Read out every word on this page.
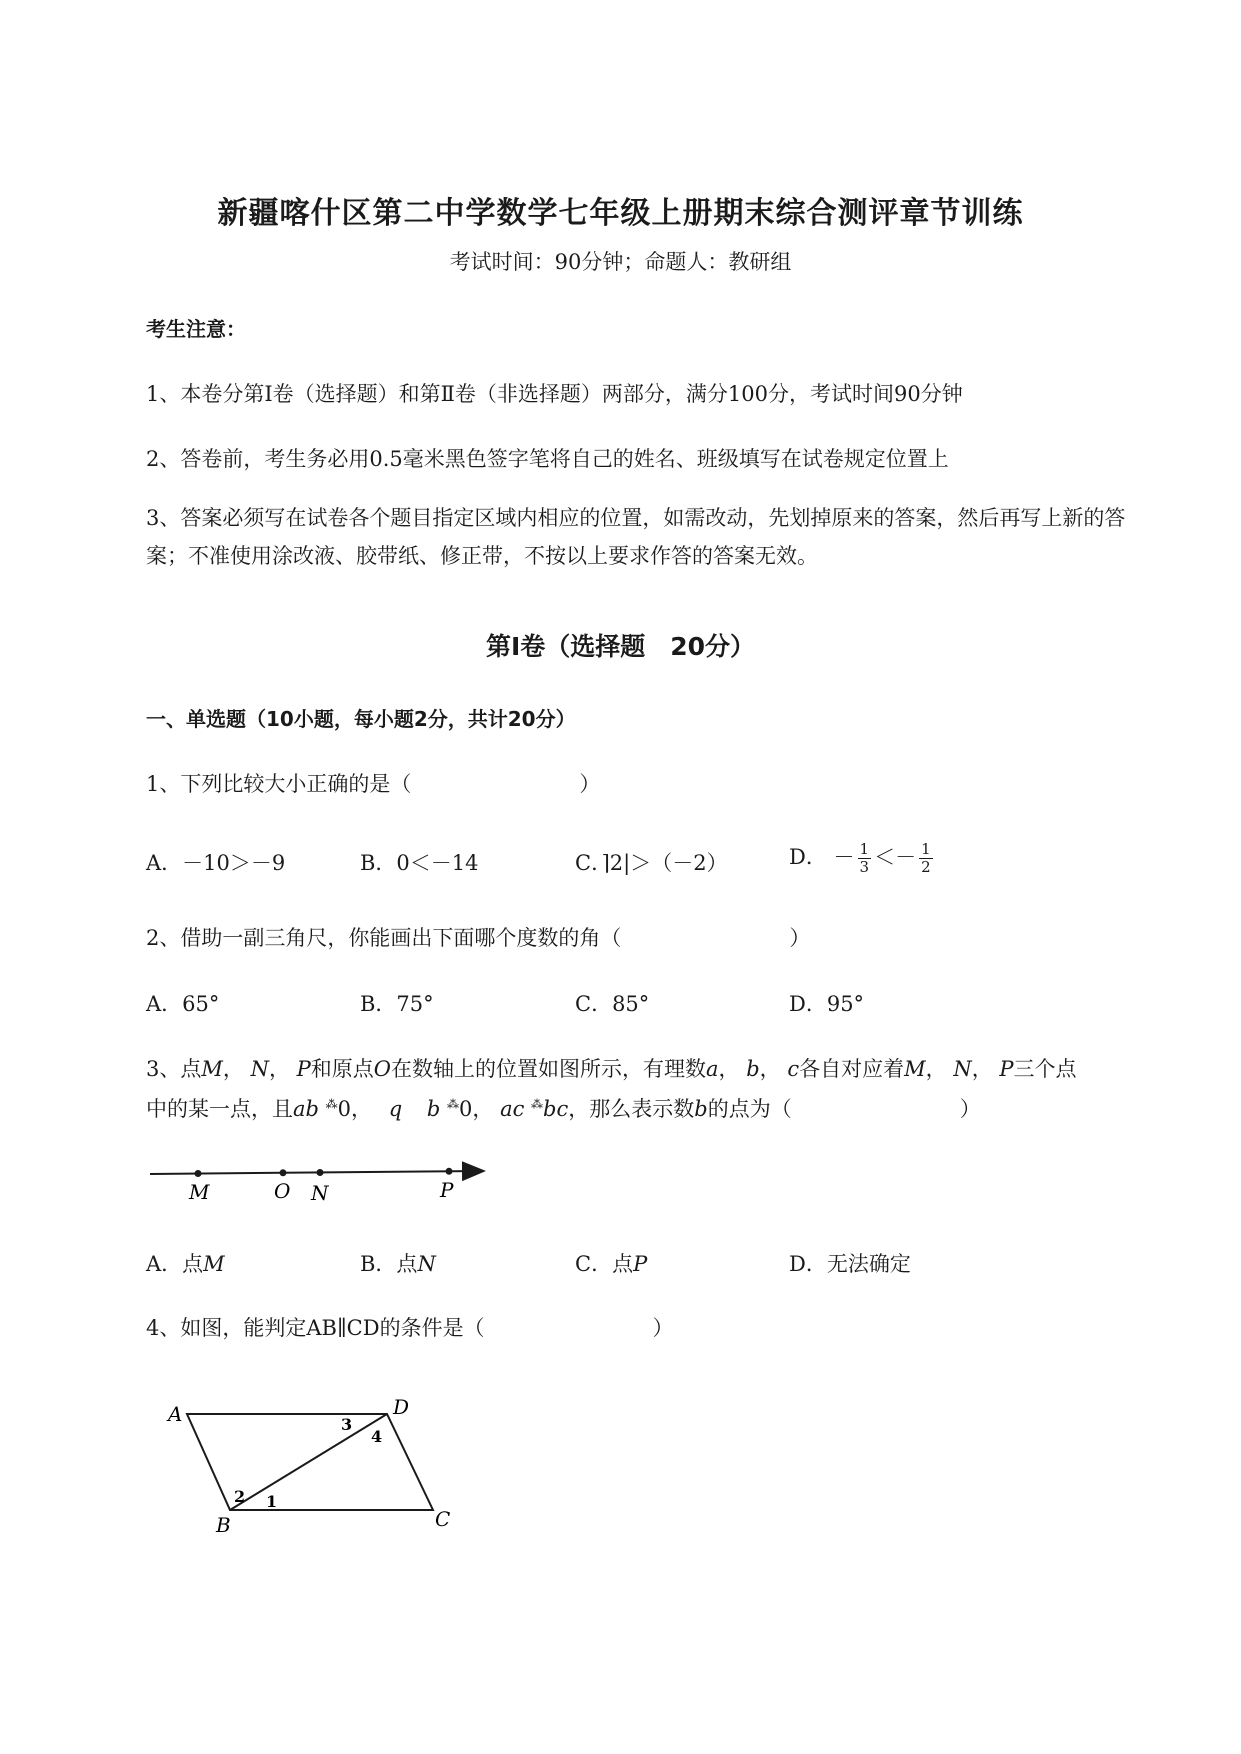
新疆喀什区第二中学数学七年级上册期末综合测评章节训练
考试时间：90分钟；命题人：教研组
考生注意：
1、本卷分第I卷（选择题）和第Ⅱ卷（非选择题）两部分，满分100分，考试时间90分钟
2、答卷前，考生务必用0.5毫米黑色签字笔将自己的姓名、班级填写在试卷规定位置上
3、答案必须写在试卷各个题目指定区域内相应的位置，如需改动，先划掉原来的答案，然后再写上新的答案；不准使用涂改液、胶带纸、修正带，不按以上要求作答的答案无效。
第I卷（选择题　20分）
一、单选题（10小题，每小题2分，共计20分）
1、下列比较大小正确的是（　　　　　　　　）
A．－10＞－9	B．0＜－14	C．⌉2|＞（－2）	D． － $\frac{1}{3} <- \frac{1}{2}$
2、借助一副三角尺，你能画出下面哪个度数的角（　　　　　　　　）
A．65°	B．75°	C．85°	D．95°
3、点M， N， P和原点O在数轴上的位置如图所示，有理数a， b， c各自对应着M， N， P三个点
中的某一点，且ab ⁂0， q b ⁂0， ac ⁂bc，那么表示数b的点为（　　　　　　　　）
M	O N	P
A．点M	B．点N	C．点P	D．无法确定
4、如图，能判定AB∥CD的条件是（　　　　　　　　）
A	D
B	C
3
4
2 1
